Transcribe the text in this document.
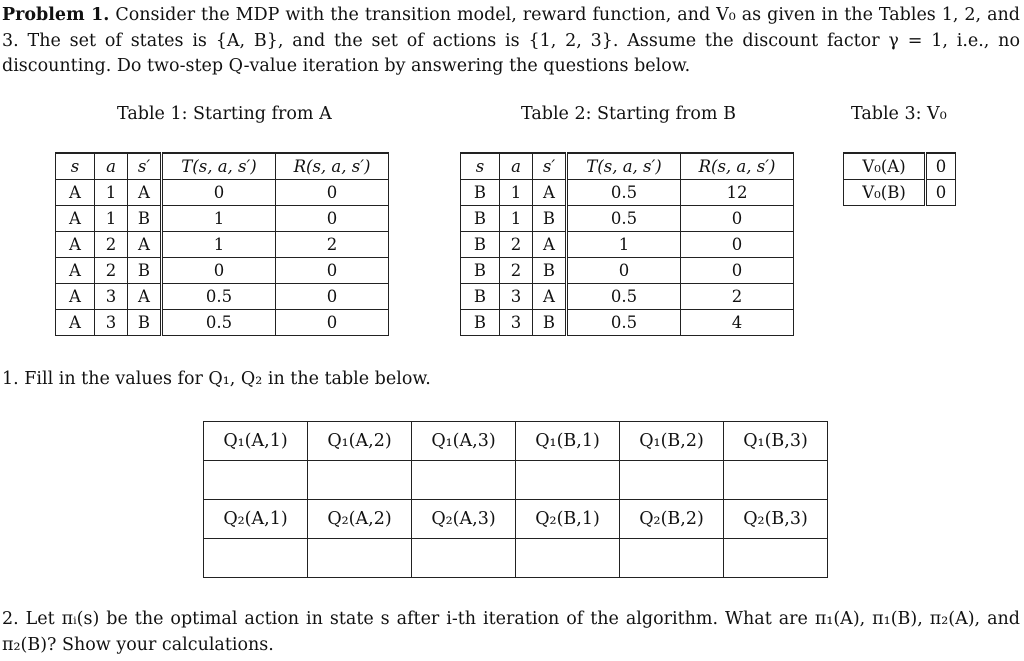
Problem 1. Consider the MDP with the transition model, reward function, and V₀ as given in the Tables 1, 2, and 3. The set of states is {A, B}, and the set of actions is {1, 2, 3}. Assume the discount factor γ = 1, i.e., no discounting. Do two-step Q-value iteration by answering the questions below.
Table 1: Starting from A	Table 2: Starting from B	Table 3: V₀
s	a	s′	T(s, a, s′)	R(s, a, s′)
A	1	A	0	0
A	1	B	1	0
A	2	A	1	2
A	2	B	0	0
A	3	A	0.5	0
A	3	B	0.5	0
s	a	s′	T(s, a, s′)	R(s, a, s′)
B	1	A	0.5	12
B	1	B	0.5	0
B	2	A	1	0
B	2	B	0	0
B	3	A	0.5	2
B	3	B	0.5	4
V₀(A)	0
V₀(B)	0
1. Fill in the values for Q₁, Q₂ in the table below.
Q₁(A,1)	Q₁(A,2)	Q₁(A,3)	Q₁(B,1)	Q₁(B,2)	Q₁(B,3)

Q₂(A,1)	Q₂(A,2)	Q₂(A,3)	Q₂(B,1)	Q₂(B,2)	Q₂(B,3)

2. Let πᵢ(s) be the optimal action in state s after i-th iteration of the algorithm. What are π₁(A), π₁(B), π₂(A), and π₂(B)? Show your calculations.
